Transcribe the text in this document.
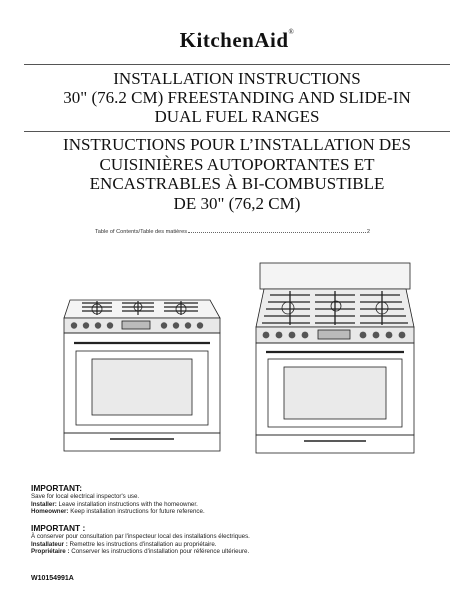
KitchenAid®
INSTALLATION INSTRUCTIONS
30" (76.2 CM) FREESTANDING AND SLIDE-IN
DUAL FUEL RANGES
INSTRUCTIONS POUR L’INSTALLATION DES
CUISINIÈRES AUTOPORTANTES ET
ENCASTRABLES À BI-COMBUSTIBLE
DE 30" (76,2 CM)
Table of Contents/Table des matières	2
IMPORTANT:
Save for local electrical inspector's use.
Installer: Leave installation instructions with the homeowner.
Homeowner: Keep installation instructions for future reference.
IMPORTANT :
À conserver pour consultation par l'inspecteur local des installations électriques.
Installateur : Remettre les instructions d'installation au propriétaire.
Propriétaire : Conserver les instructions d'installation pour référence ultérieure.
W10154991A
